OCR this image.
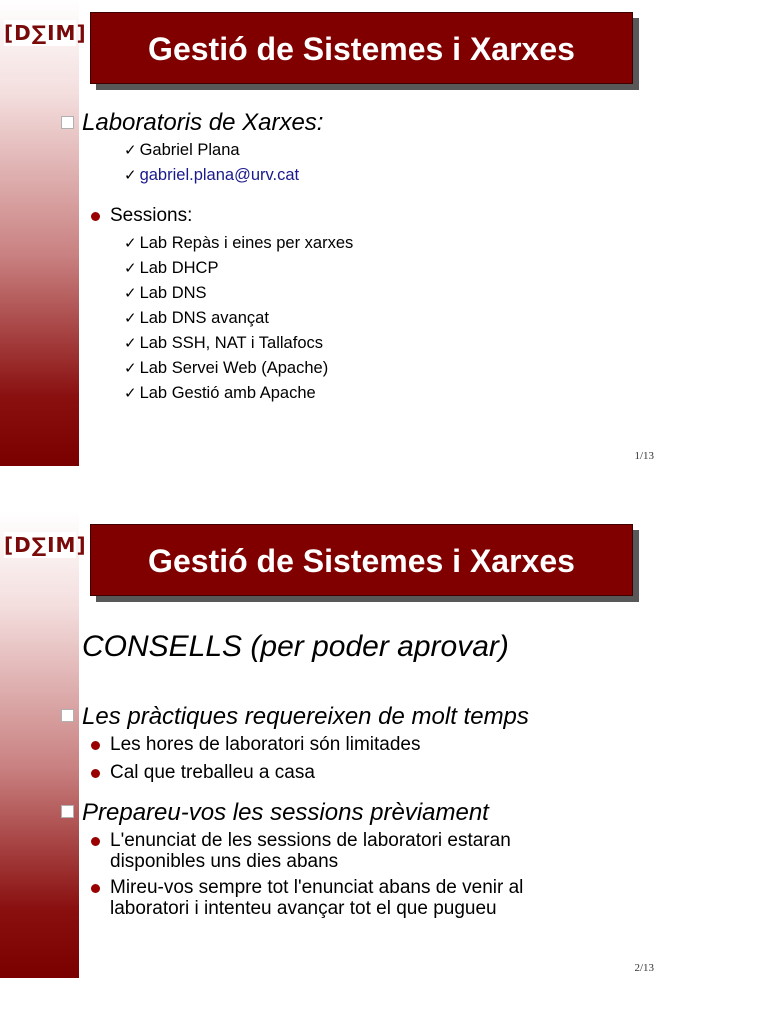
[D∑IM]	Gestió de Sistemes i Xarxes
Laboratoris de Xarxes:
✓ Gabriel Plana
✓ gabriel.plana@urv.cat
Sessions:
✓ Lab Repàs i eines per xarxes
✓ Lab DHCP
✓ Lab DNS
✓ Lab DNS avançat
✓ Lab SSH, NAT i Tallafocs
✓ Lab Servei Web (Apache)
✓ Lab Gestió amb Apache
1/13
[D∑IM]	Gestió de Sistemes i Xarxes
CONSELLS (per poder aprovar)
Les pràctiques requereixen de molt temps
Les hores de laboratori són limitades
Cal que treballeu a casa
Prepareu-vos les sessions prèviament
L'enunciat de les sessions de laboratori estaran
disponibles uns dies abans
Mireu-vos sempre tot l'enunciat abans de venir al
laboratori i intenteu avançar tot el que pugueu
2/13
